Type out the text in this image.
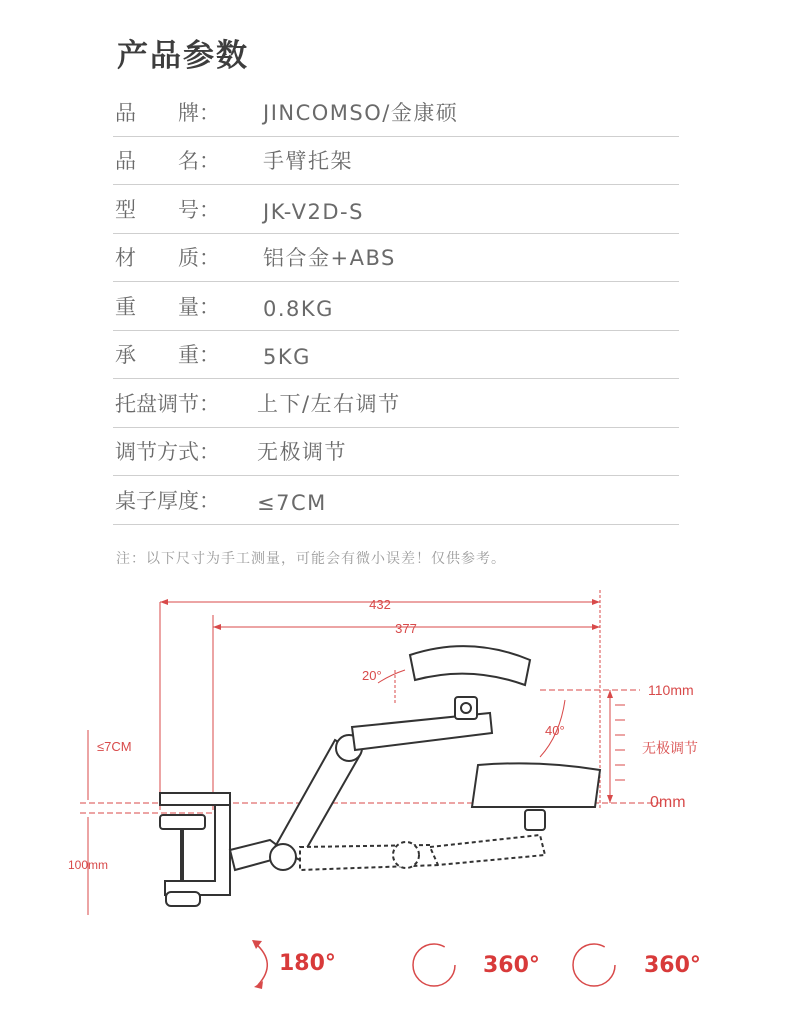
产品参数
品　　牌： JINCOMSO/金康硕
品　　名： 手臂托架
型　　号： JK-V2D-S
材　　质： 铝合金+ABS
重　　量： 0.8KG
承　　重： 5KG
托盘调节： 上下/左右调节
调节方式： 无极调节
桌子厚度： ≤7CM
注：以下尺寸为手工测量，可能会有微小误差！仅供参考。
432
377
20°
40°
110mm
无极调节
0mm
≤7CM
100mm
180°	360°	360°
